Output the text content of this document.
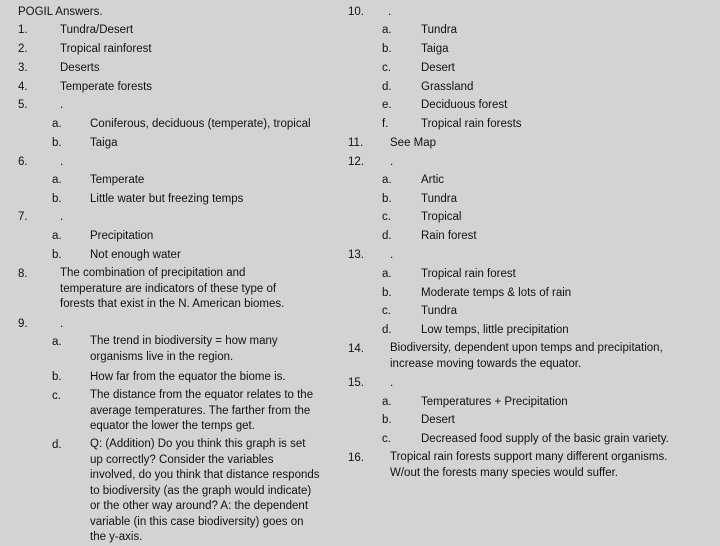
POGIL Answers.
1.	Tundra/Desert
2.	Tropical rainforest
3.	Deserts
4.	Temperate forests
5.	.
a. Coniferous, deciduous (temperate), tropical
b. Taiga
6.	.
a. Temperate
b. Little water but freezing temps
7.	.
a. Precipitation
b. Not enough water
8.	The combination of precipitation and temperature are indicators of these type of forests that exist in the N. American biomes.
9.	.
a. The trend in biodiversity = how many organisms live in the region.
b. How far from the equator the biome is.
c.	The distance from the equator relates to the average temperatures. The farther from the equator the lower the temps get.
d. Q: (Addition) Do you think this graph is set up correctly? Consider the variables involved, do you think that distance responds to biodiversity (as the graph would indicate) or the other way around? A: the dependent variable (in this case biodiversity) goes on the y-axis.
10. .
a.	Tundra
b.	Taiga
c.	Desert
d.	Grassland
e.	Deciduous forest
f.	Tropical rain forests
11. See Map
12. .
a.	Artic
b.	Tundra
c.	Tropical
d.	Rain forest
13. .
a.	Tropical rain forest
b.	Moderate temps & lots of rain
c.	Tundra
d.	Low temps, little precipitation
14. Biodiversity, dependent upon temps and precipitation, increase moving towards the equator.
15. .
a.	Temperatures + Precipitation
b.	Desert
c.	Decreased food supply of the basic grain variety.
16. Tropical rain forests support many different organisms. W/out the forests many species would suffer.
